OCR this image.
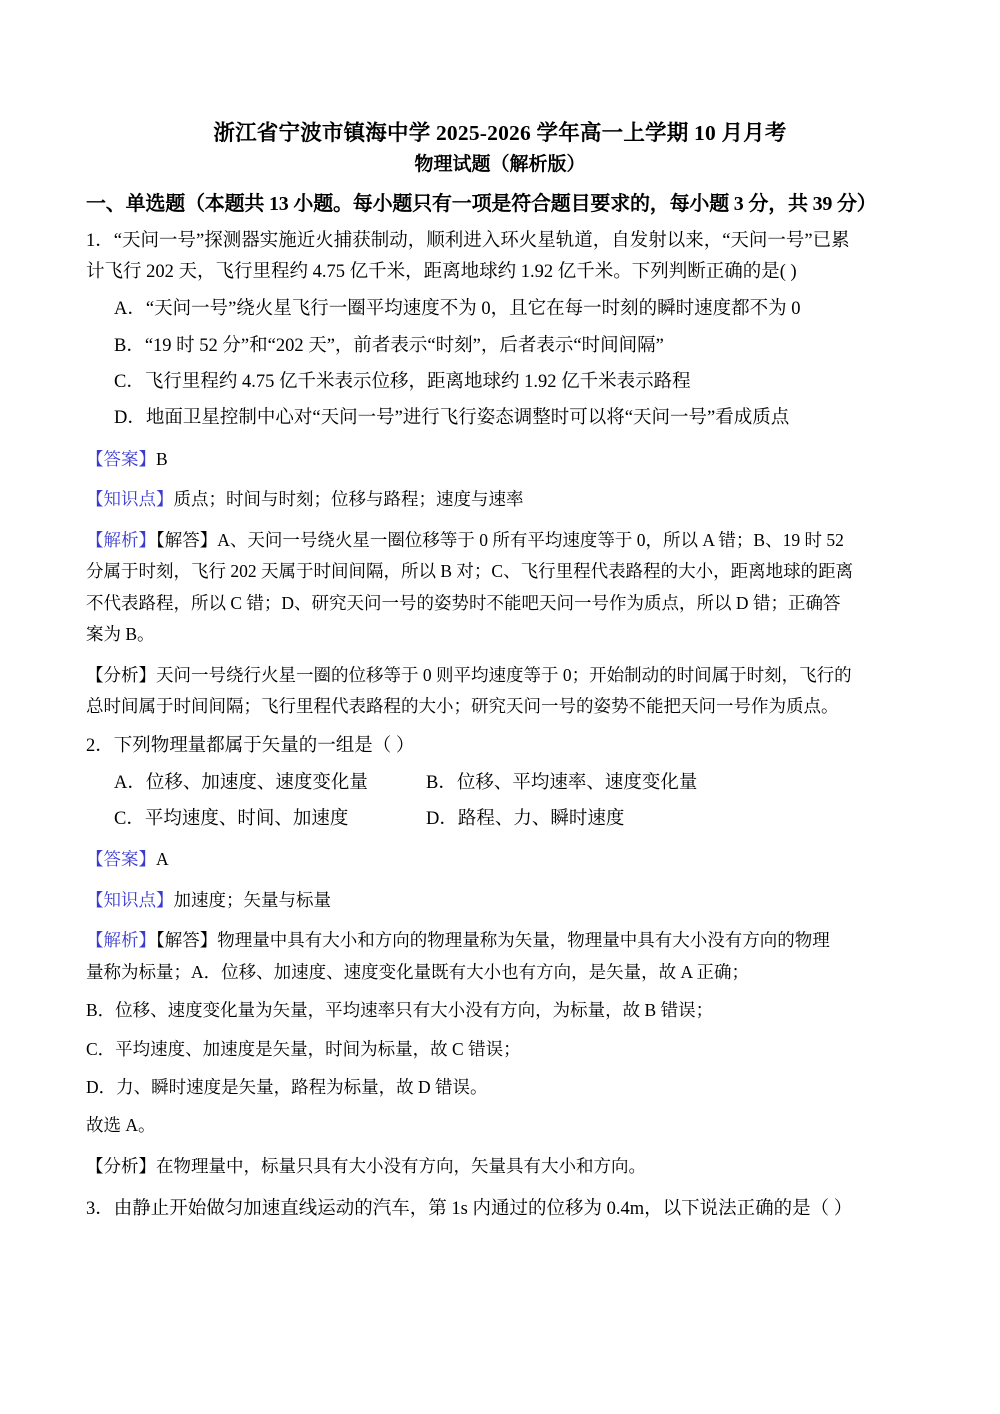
浙江省宁波市镇海中学 2025-2026 学年高一上学期 10 月月考
物理试题（解析版）
一、单选题（本题共 13 小题。每小题只有一项是符合题目要求的，每小题 3 分，共 39 分）
1．“天问一号”探测器实施近火捕获制动，顺利进入环火星轨道，自发射以来，“天问一号”已累
计飞行 202 天，飞行里程约 4.75 亿千米，距离地球约 1.92 亿千米。下列判断正确的是( )
A．“天问一号”绕火星飞行一圈平均速度不为 0，且它在每一时刻的瞬时速度都不为 0
B．“19 时 52 分”和“202 天”，前者表示“时刻”，后者表示“时间间隔”
C．飞行里程约 4.75 亿千米表示位移，距离地球约 1.92 亿千米表示路程
D．地面卫星控制中心对“天问一号”进行飞行姿态调整时可以将“天问一号”看成质点
【答案】B
【知识点】质点；时间与时刻；位移与路程；速度与速率
【解析】【解答】A、天问一号绕火星一圈位移等于 0 所有平均速度等于 0，所以 A 错；B、19 时 52
分属于时刻，飞行 202 天属于时间间隔，所以 B 对；C、飞行里程代表路程的大小，距离地球的距离
不代表路程，所以 C 错；D、研究天问一号的姿势时不能吧天问一号作为质点，所以 D 错；正确答
案为 B。
【分析】天问一号绕行火星一圈的位移等于 0 则平均速度等于 0；开始制动的时间属于时刻，飞行的
总时间属于时间间隔；飞行里程代表路程的大小；研究天问一号的姿势不能把天问一号作为质点。
2．下列物理量都属于矢量的一组是（ ）
A．位移、加速度、速度变化量	B．位移、平均速率、速度变化量
C．平均速度、时间、加速度	D．路程、力、瞬时速度
【答案】A
【知识点】加速度；矢量与标量
【解析】【解答】物理量中具有大小和方向的物理量称为矢量，物理量中具有大小没有方向的物理
量称为标量；A．位移、加速度、速度变化量既有大小也有方向，是矢量，故 A 正确；
B．位移、速度变化量为矢量，平均速率只有大小没有方向，为标量，故 B 错误；
C．平均速度、加速度是矢量，时间为标量，故 C 错误；
D．力、瞬时速度是矢量，路程为标量，故 D 错误。
故选 A。
【分析】在物理量中，标量只具有大小没有方向，矢量具有大小和方向。
3．由静止开始做匀加速直线运动的汽车，第 1s 内通过的位移为 0.4m，以下说法正确的是（ ）
